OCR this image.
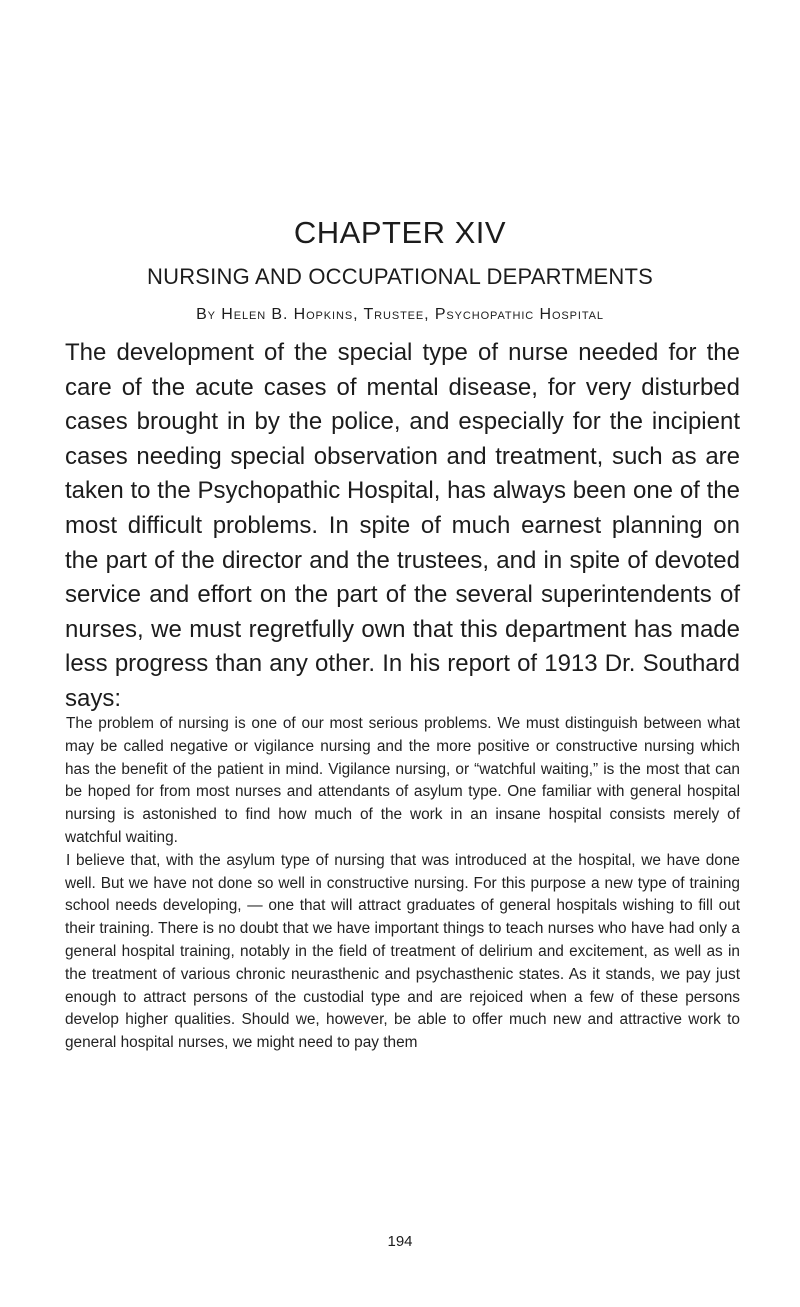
CHAPTER XIV
NURSING AND OCCUPATIONAL DEPARTMENTS
By Helen B. Hopkins, Trustee, Psychopathic Hospital

The development of the special type of nurse needed for the care of the acute cases of mental disease, for very disturbed cases brought in by the police, and especially for the incipient cases needing special observation and treatment, such as are taken to the Psychopathic Hospital, has always been one of the most difficult problems. In spite of much earnest planning on the part of the director and the trustees, and in spite of devoted service and effort on the part of the several superintendents of nurses, we must regretfully own that this department has made less progress than any other. In his report of 1913 Dr. Southard says:

The problem of nursing is one of our most serious problems. We must distinguish between what may be called negative or vigilance nursing and the more positive or constructive nursing which has the benefit of the patient in mind. Vigilance nursing, or “watchful waiting,” is the most that can be hoped for from most nurses and attendants of asylum type. One familiar with general hospital nursing is astonished to find how much of the work in an insane hospital consists merely of watchful waiting.

I believe that, with the asylum type of nursing that was introduced at the hospital, we have done well. But we have not done so well in constructive nursing. For this purpose a new type of training school needs developing, — one that will attract graduates of general hospitals wishing to fill out their training. There is no doubt that we have important things to teach nurses who have had only a general hospital training, notably in the field of treatment of delirium and excitement, as well as in the treatment of various chronic neurasthenic and psychasthenic states. As it stands, we pay just enough to attract persons of the custodial type and are rejoiced when a few of these persons develop higher qualities. Should we, however, be able to offer much new and attractive work to general hospital nurses, we might need to pay them

194
